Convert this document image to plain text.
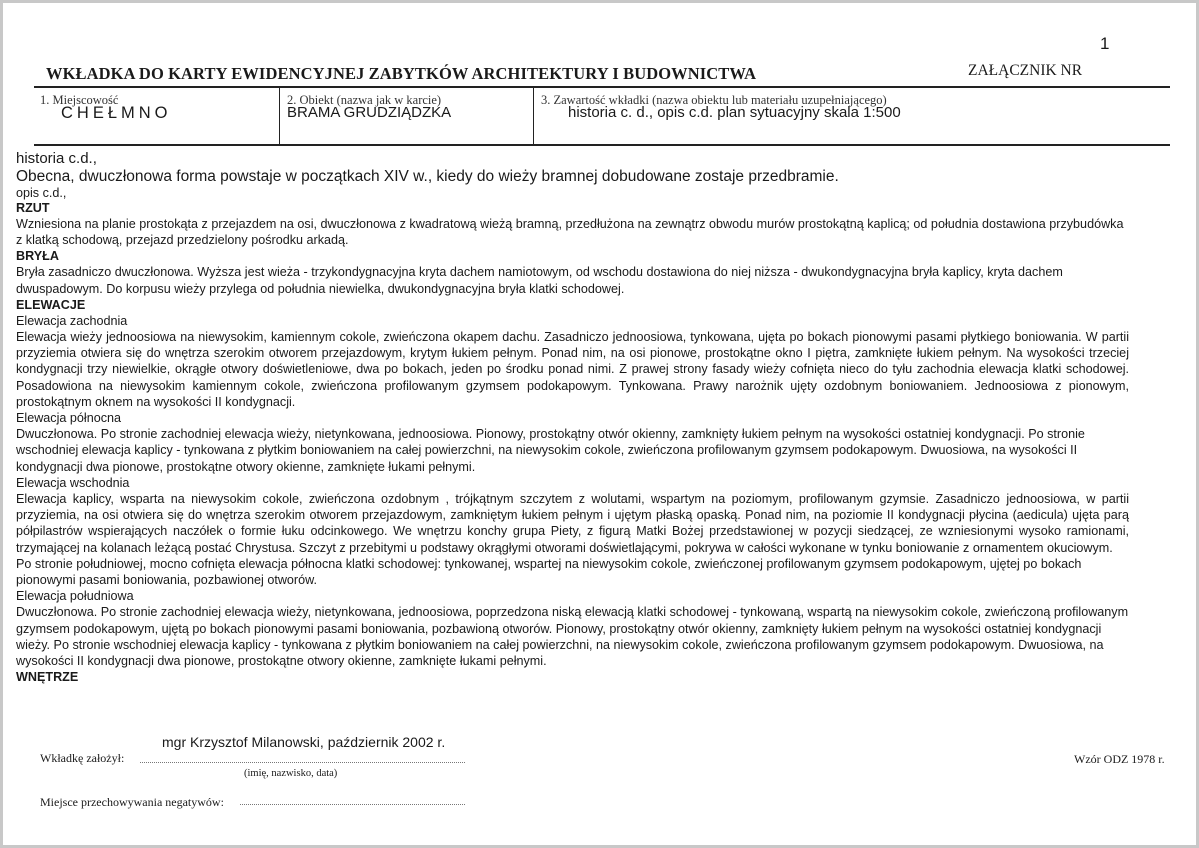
1
WKŁADKA DO KARTY EWIDENCYJNEJ ZABYTKÓW ARCHITEKTURY I BUDOWNICTWA	ZAŁĄCZNIK NR
1. Miejscowość
CHEŁMNO
2. Obiekt (nazwa jak w karcie)
BRAMA GRUDZIĄDZKA
3. Zawartość wkładki (nazwa obiektu lub materiału uzupełniającego)
historia c. d., opis c.d. plan sytuacyjny skala 1:500

historia c.d.,

Obecna, dwuczłonowa forma powstaje w początkach XIV w., kiedy do wieży bramnej dobudowane zostaje przedbramie.

opis c.d.,

RZUT

Wzniesiona na planie prostokąta z przejazdem na osi, dwuczłonowa z kwadratową wieżą bramną, przedłużona na zewnątrz obwodu murów prostokątną kaplicą; od południa dostawiona przybudówka z klatką schodową, przejazd przedzielony pośrodku arkadą.

BRYŁA

Bryła zasadniczo dwuczłonowa. Wyższa jest wieża - trzykondygnacyjna kryta dachem namiotowym, od wschodu dostawiona do niej niższa - dwukondygnacyjna bryła kaplicy, kryta dachem dwuspadowym. Do korpusu wieży przylega od południa niewielka, dwukondygnacyjna bryła klatki schodowej.

ELEWACJE

Elewacja zachodnia

Elewacja wieży jednoosiowa na niewysokim, kamiennym cokole, zwieńczona okapem dachu. Zasadniczo jednoosiowa, tynkowana, ujęta po bokach pionowymi pasami płytkiego boniowania. W partii przyziemia otwiera się do wnętrza szerokim otworem przejazdowym, krytym łukiem pełnym. Ponad nim, na osi pionowe, prostokątne okno I piętra, zamknięte łukiem pełnym. Na wysokości trzeciej kondygnacji trzy niewielkie, okrągłe otwory doświetleniowe, dwa po bokach, jeden po środku ponad nimi. Z prawej strony fasady wieży cofnięta nieco do tyłu zachodnia elewacja klatki schodowej. Posadowiona na niewysokim kamiennym cokole, zwieńczona profilowanym gzymsem podokapowym. Tynkowana. Prawy narożnik ujęty ozdobnym boniowaniem. Jednoosiowa z pionowym, prostokątnym oknem na wysokości II kondygnacji.

Elewacja północna

Dwuczłonowa. Po stronie zachodniej elewacja wieży, nietynkowana, jednoosiowa. Pionowy, prostokątny otwór okienny, zamknięty łukiem pełnym na wysokości ostatniej kondygnacji. Po stronie wschodniej elewacja kaplicy - tynkowana z płytkim boniowaniem na całej powierzchni, na niewysokim cokole, zwieńczona profilowanym gzymsem podokapowym. Dwuosiowa, na wysokości II kondygnacji dwa pionowe, prostokątne otwory okienne, zamknięte łukami pełnymi.

Elewacja wschodnia

Elewacja kaplicy, wsparta na niewysokim cokole, zwieńczona ozdobnym , trójkątnym szczytem z wolutami, wspartym na poziomym, profilowanym gzymsie. Zasadniczo jednoosiowa, w partii przyziemia, na osi otwiera się do wnętrza szerokim otworem przejazdowym, zamkniętym łukiem pełnym i ujętym płaską opaską. Ponad nim, na poziomie II kondygnacji płycina (aedicula) ujęta parą półpilastrów wspierających naczółek o formie łuku odcinkowego. We wnętrzu konchy grupa Piety, z figurą Matki Bożej przedstawionej w pozycji siedzącej, ze wzniesionymi wysoko ramionami, trzymającej na kolanach leżącą postać Chrystusa. Szczyt z przebitymi u podstawy okrągłymi otworami doświetlającymi, pokrywa w całości wykonane w tynku boniowanie z ornamentem okuciowym.

Po stronie południowej, mocno cofnięta elewacja północna klatki schodowej: tynkowanej, wspartej na niewysokim cokole, zwieńczonej profilowanym gzymsem podokapowym, ujętej po bokach pionowymi pasami boniowania, pozbawionej otworów.

Elewacja południowa

Dwuczłonowa. Po stronie zachodniej elewacja wieży, nietynkowana, jednoosiowa, poprzedzona niską elewacją klatki schodowej - tynkowaną, wspartą na niewysokim cokole, zwieńczoną profilowanym gzymsem podokapowym, ujętą po bokach pionowymi pasami boniowania, pozbawioną otworów. Pionowy, prostokątny otwór okienny, zamknięty łukiem pełnym na wysokości ostatniej kondygnacji wieży. Po stronie wschodniej elewacja kaplicy - tynkowana z płytkim boniowaniem na całej powierzchni, na niewysokim cokole, zwieńczona profilowanym gzymsem podokapowym. Dwuosiowa, na wysokości II kondygnacji dwa pionowe, prostokątne otwory okienne, zamknięte łukami pełnymi.

WNĘTRZE

mgr Krzysztof Milanowski, październik 2002 r.
Wkładkę założył:
(imię, nazwisko, data)
Wzór ODZ 1978 r.
Miejsce przechowywania negatywów:
